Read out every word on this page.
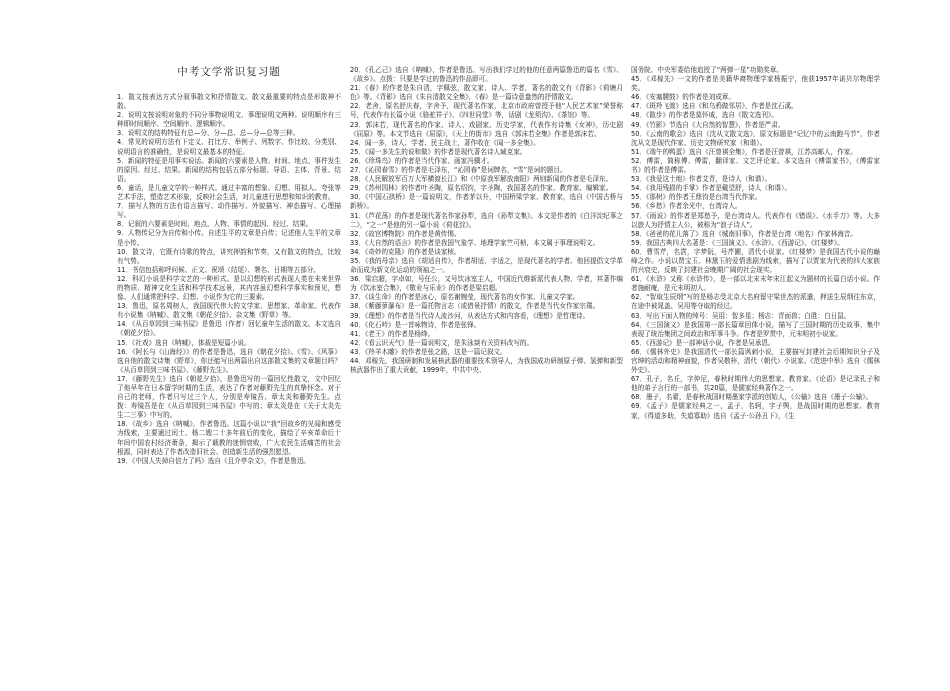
中考文学常识复习题

1．散文按表达方式分叙事散文和抒情散文。散文最重要的特点是形散神不散。

2．说明文按说明对象的不同分事物说明文、事理说明文两种。说明顺序有三种即时间顺序、空间顺序、逻辑顺序。

3．说明文的结构特征有总—分、分—总、总—分—总等三种。

4．常见的说明方法有下定义、打比方、举例子、列数字、作比较、分类别、说明语言的准确性，是说明文最基本的特征。

5．新闻的特征是用事实说话。新闻的六要素是人物、时间、地点、事件发生的原因、经过、结果。新闻的结构包括五部分标题、导语、主体、背景、结语。

6．童话，是儿童文学的一种样式。通过丰富的想象、幻想、用拟人、夸张等艺术手法，塑造艺术形象，反映社会生活，对儿童进行思想和知识的教育。

7．描写人物的方法有语言描写、动作描写、外貌描写、神态描写、心理描写。

8．记叙的六要素是时间、地点、人物、事情的起因、经过、结果。

9．人物传记分为自传和小传。自述生平的文章是自传；记述他人生平的文章是小传。

10．散文诗，它既有诗歌的特点，讲究押韵和节奏，又有散文的特点，比较有气势。

11．书信包括称呼问候、正文、祝颂（结尾）、署名、日期等五部分。

12．科幻小说是科学文艺的一种形式。是以幻想的形式表现人类在未来世界的物质、精神文化生活和科学技术远景，其内容虽幻想科学事实和预见，想像、人们通常把科学、幻想、小说作为它的三要素。

13．鲁迅，原名周树人，我国现代伟大的文学家、思想家、革命家。代表作有小说集《呐喊》、散文集《朝花夕拾》、杂文集《野草》等。

14．《从百草园到三味书屋》是鲁迅（作者）回忆童年生活的散文。本文选自《朝花夕拾》。

15．《社戏》选自《呐喊》，体裁是短篇小说。

16．《阿长与《山海经》》的作者是鲁迅，选自《朝花夕拾》。《雪》、《风筝》选自他的散文诗集《野草》，你还能写出两篇出自这部散文集的文章题目吗？《从百草园到三味书屋》、《藤野先生》。

17．《藤野先生》选自《朝花夕拾》，是鲁迅写的一篇回忆性散文，文中回忆了他早年在日本留学时期的生活，表达了作者对藤野先生的真挚怀念。对于自己的老师，作者只写过三个人，分别是寿镜吾、章太炎和藤野先生。点拨：寿镜吾是在《从百草园到三味书屋》中写的；章太炎是在《关于太炎先生二三事》中写的。

18．《故乡》选自《呐喊》，作者鲁迅。这篇小说以“我”回故乡的见闻和感受为线索，主要通过闰土、杨二嫂二十多年前后的变化，描绘了辛亥革命后十年间中国农村经济萧条，揭示了载教的迷惘衰败，广大农民生活痛苦的社会根源，同时表达了作者改造旧社会、创造新生活的强烈愿望。

19．《中国人失掉自信力了吗》选自《且介亭杂文》，作者是鲁迅。

20．《孔乙己》选自《呐喊》，作者是鲁迅。写出我们学过的他的任意两篇鲁迅的篇名《雪》、《故乡》。点拨：只要是学过的鲁迅的作品即可。

21．《春》的作者是朱自清，字佩弦，散文家、诗人、学者，著名的散文有《背影》《荷塘月色》等。《背影》选自《朱自清散文全集》，《春》是一篇诗意盎然的抒情散文。

22．老舍，原名舒庆春，字舍予，现代著名作家，北京市政府曾授予他“人民艺术家”荣誉称号，代表作有长篇小说《骆驼祥子》、《四世同堂》等，话剧《龙须沟》、《茶馆》等。

23．郭沫若，现代著名的作家、诗人、戏剧家、历史学家，代表作有诗集《女神》，历史剧《屈原》等。本文节选自《屈原》，《天上的街市》选自《郭沫若全集》作者是郭沫若。

24．闻一多，诗人、学者、民主战士，著作收在《闻一多全集》。

25．《闻一多先生的说和做》的作者是现代著名诗人臧克家。

26．《珍珠鸟》的作者是当代作家、画家冯骥才。

27．《沁园春雪》的作者是毛泽东，“沁园春”是词牌名，“雪”是词的题目。

28．《人民解放军百万大军横渡长江》和《中原我军解放南阳》两则新闻的作者是毛泽东。

29．《苏州园林》的作者叶圣陶，原名绍钧，字圣陶，我国著名的作家、教育家、编辑家。

30．《中国石拱桥》是一篇说明文，作者茅以升，中国桥梁学家、教育家，选自《中国古桥与新桥》。

31．《芦花荡》的作者是现代著名作家孙犁，选自《孙犁文集》。本文是作者的《白洋淀纪事之二》，“之一”是他的另一篇小说《荷花淀》。

32．《故宫博物院》的作者是黄传惕。

33．《大自然的语言》的作者是我国气象学、地理学家竺可桢，本文属于事理说明文。

34．《奇妙的克隆》的作者是谈家桢。

35．《我的母亲》选自《胡适自传》，作者胡适，字适之，是现代著名的学者。他回提倡文学革命而成为新文化运动的领袖之一。

36．梁启超，字卓如，号任公，又号饮冰室主人，中国近代维新派代表人物、学者，其著作编为《饮冰室合集》，《敬业与乐业》的作者是梁启超。

37．《谈生命》的作者是冰心，原名谢婉莹，现代著名的女作家、儿童文学家。

38．《紫藤萝瀑布》是一篇托物言志（或借景抒情）的散文，作者是当代女作家宗璞。

39．《理想》的作者是当代诗人流沙河，从表达方式和内容看，《理想》是哲理诗。

40．《化石吟》是一首咏物诗，作者是张锋。

41．《老王》的作者是杨绛。

42．《看云识天气》是一篇说明文，是朱泳燚有关资料改写的。

43．《羚羊木雕》的作者是张之路，这是一篇记叙文。

44．邓稼先，我国研制和发展核武器的重要技术领导人，为我国成功研制原子弹、氢弹和新型核武器作出了重大贡献，1999年，中共中央、

国务院、中央军委给他追授了“两弹一星”功勋奖章。

45．《邓稼先》一文的作者是美籍华裔物理学家杨振宁，他获1957年诺贝尔物理学奖。

46．《安塞腰鼓》的作者是刘成章。

47．《斑羚飞渡》选自《和乌鸦做邻居》，作者是沈石溪。

48．《散步》的作者是莫怀戚，选自《散文选刊》。

49．《竹影》节选自《大自然的智慧》，作者是严肃。

50．《云南的歌会》选自《沈从文散文选》，原文标题是“记忆中的云南跑马节”，作者沈从文是现代作家、历史文物研究家（和谐）。

51．《端午的鸭蛋》选自《汪曾祺全集》，作者是汪曾祺，江苏高邮人，作家。

52．傅雷，简称傅、傅雷，翻译家、文艺评论家。本文选自《傅雷家书》，《傅雷家书》的作者是傅雷。

53．《我爱这土地》作者艾青，是诗人（和谐）。

54．《我用残损的手掌》作者是戴望舒，诗人（和谐）。

55．《那树》的作者王鼎钧是台湾当代作家。

56．《乡愁》作者余光中，台湾诗人。

57．《雨说》的作者是郑愁予，是台湾诗人。代表作有《错误》、《水手刀》等。大多以旅人为抒情主人公，被称为“浪子诗人”。

58．《爸爸的花儿落了》选自《城南旧事》，作者是台湾（地名）作家林海音。

59．我国古典四大名著是：《三国演义》、《水浒》、《西游记》、《红楼梦》。

60．曹雪芹，名霑，字梦阮，号芹圃，清代小说家。《红楼梦》是我国古代小说的巅峰之作。小说以贾宝玉、林黛玉的爱情悲剧为线索，描写了以贾家为代表的四大家族的兴衰史，反映了封建社会晚期广阔的社会现实。

61．《水浒》又称《水浒传》，是一部以北宋末年宋江起义为题材的长篇白话小说。作者施耐庵，是元末明初人。

62．“智取生辰纲”写的是杨志受北京大名府留守梁世杰的派遣，押送生辰纲往东京，在途中被晁盖、吴用等夺取的经过。

63．写出下面人物的绰号：吴用：智多星；杨志：青面兽；白胜：白日鼠。

64．《三国演义》是我国第一部长篇章回体小说，描写了三国时期的历史故事，集中表现了统治集团之间政治和军事斗争。作者是罗贯中，元末明初小说家。

65．《西游记》是一部神话小说，作者是吴承恩。

66．《儒林外史》是我国清代一部长篇讽刺小说，主要描写封建社会后期知识分子及官绅的活动和精神面貌，作者吴敬梓，清代（朝代）小说家。《范进中举》选自《儒林外史》。

67．孔子，名丘，字仲尼，春秋时期伟大的思想家、教育家。《论语》是记录孔子和他的弟子言行的一部书，共20篇，是儒家经典著作之一。

68．墨子，名翟，是春秋战国时期墨家学派的创始人，《公输》选自《墨子·公输》。

69．《孟子》是儒家经典之一，孟子，名轲，字子舆，是战国时期的思想家、教育家，《得道多助，失道寡助》选自《孟子·公孙丑下》，《生
